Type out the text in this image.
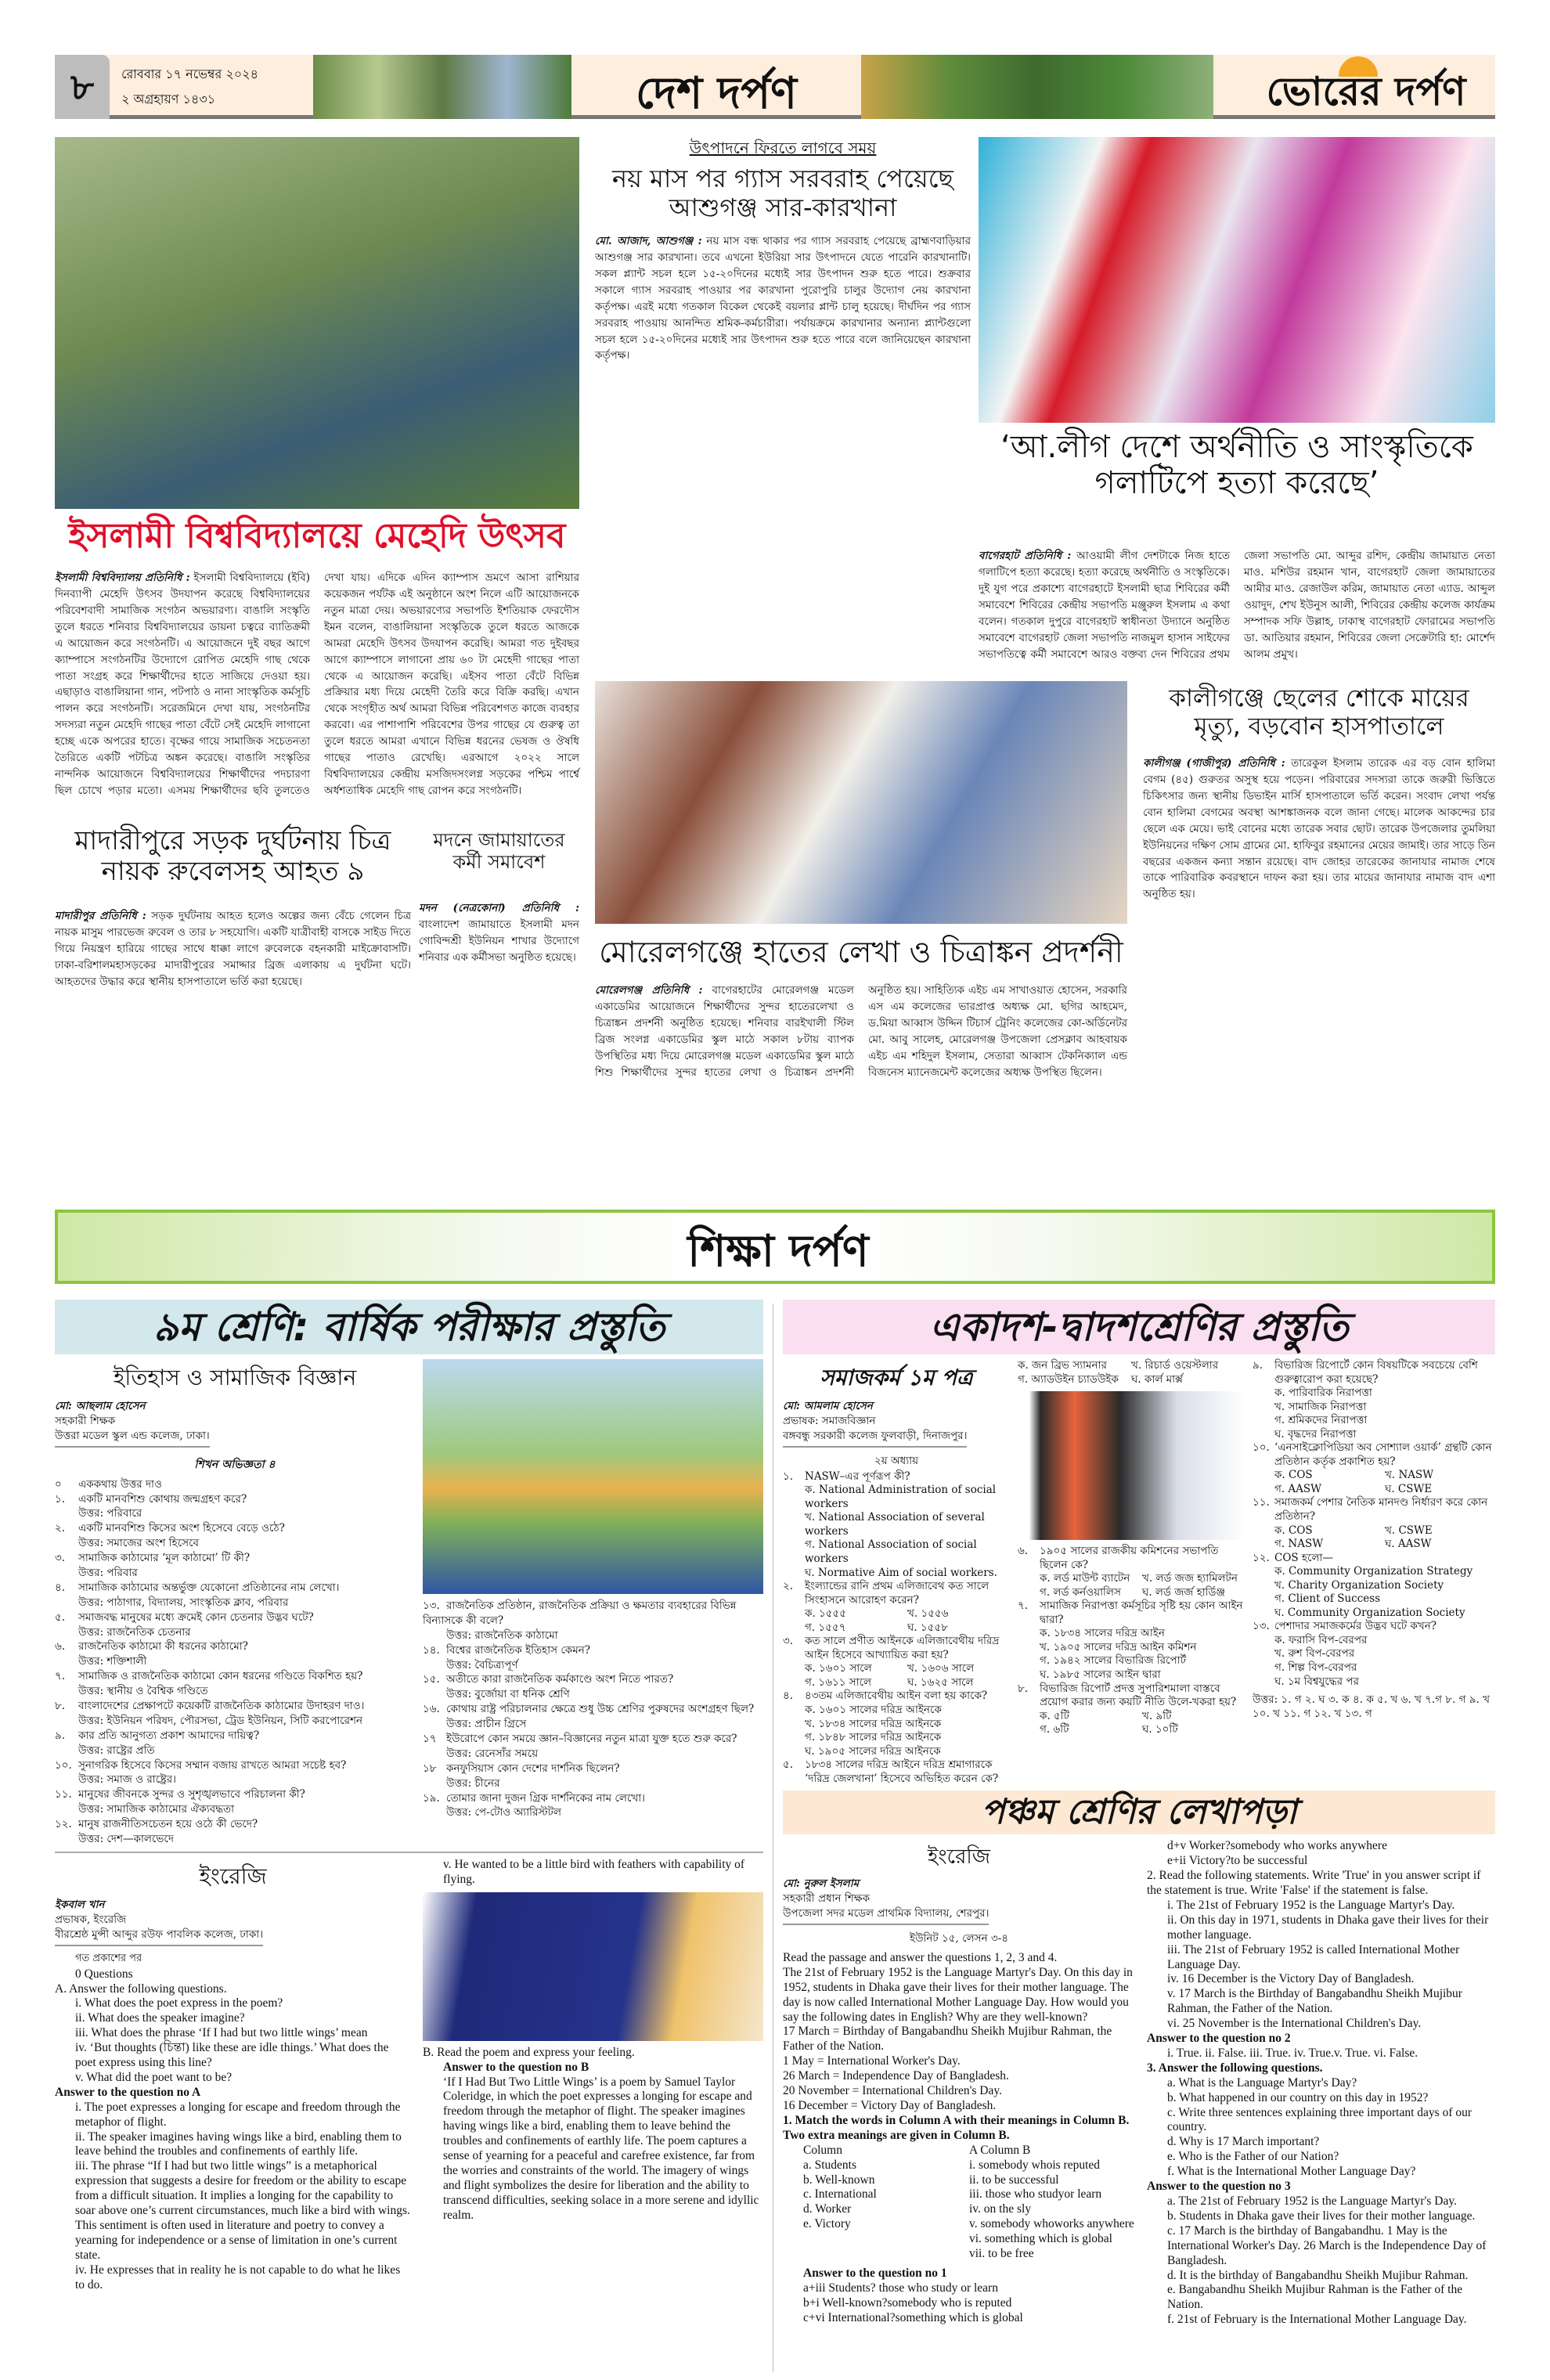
৮	রোববার ১৭ নভেম্বর ২০২৪
২ অগ্রহায়ণ ১৪৩১	দেশ দর্পণ	ভোরের দর্পণ
ইসলামী বিশ্ববিদ্যালয়ে মেহেদি উৎসব
ইসলামী বিশ্ববিদ্যালয় প্রতিনিধি : ইসলামী বিশ্ববিদ্যালয়ে (ইবি) দিনব্যাপী মেহেদি উৎসব উদযাপন করেছে বিশ্ববিদ্যালয়ের পরিবেশবাদী সামাজিক সংগঠন অভয়ারণ্য। বাঙালি সংস্কৃতি তুলে ধরতে শনিবার বিশ্ববিদ্যালয়ের ডায়না চত্বরে ব্যাতিক্রমী এ আয়োজন করে সংগঠনটি। এ আয়োজনে দুই বছর আগে ক্যাম্পাসে সংগঠনটির উদ্যোগে রোপিত মেহেদি গাছ থেকে পাতা সংগ্রহ করে শিক্ষার্থীদের হাতে সাজিয়ে দেওয়া হয়। এছাড়াও বাঙালিয়ানা গান, পটপাঠ ও নানা সাংস্কৃতিক কর্মসূচি পালন করে সংগঠনটি। সরেজমিনে দেখা যায়, সংগঠনটির সদস্যরা নতুন মেহেদি গাছের পাতা বেঁটে সেই মেহেদি লাগানো হচ্ছে একে অপরের হাতে। বৃক্ষের গায়ে সামাজিক সচেতনতা তৈরিতে একটি পটচিত্র অঙ্কন করেছে। বাঙালি সংস্কৃতির নান্দনিক আয়োজনে বিশ্ববিদ্যালয়ের শিক্ষার্থীদের পদচারণা ছিল চোখে পড়ার মতো। এসময় শিক্ষার্থীদের ছবি তুলতেও দেখা যায়। এদিকে এদিন ক্যাম্পাস ভ্রমণে আসা রাশিয়ার কয়েকজন পর্যটক এই অনুষ্ঠানে অংশ নিলে এটি আয়োজনকে নতুন মাত্রা দেয়। অভয়ারণ্যের সভাপতি ইশতিয়াক ফেরদৌস ইমন বলেন, বাঙালিয়ানা সংস্কৃতিকে তুলে ধরতে আজকে আমরা মেহেদি উৎসব উদযাপন করেছি। আমরা গত দুইবছর আগে ক্যাম্পাসে লাগানো প্রায় ৬০ টা মেহেদী গাছের পাতা থেকে এ আয়োজন করেছি। এইসব পাতা বেঁটে বিভিন্ন প্রক্রিয়ার মধ্য দিয়ে মেহেদী তৈরি করে বিক্রি করছি। এখান থেকে সংগৃহীত অর্থ আমরা বিভিন্ন পরিবেশগত কাজে ব্যবহার করবো। এর পাশাপাশি পরিবেশের উপর গাছের যে গুরুত্ব তা তুলে ধরতে আমরা এখানে বিভিন্ন ধরনের ভেষজ ও ঔষধি গাছের পাতাও রেখেছি। এরআগে ২০২২ সালে বিশ্ববিদ্যালয়ের কেন্দ্রীয় মসজিদসংলগ্ন সড়কের পশ্চিম পার্শ্বে অর্ধশতাধিক মেহেদি গাছ রোপন করে সংগঠনটি।
মাদারীপুরে সড়ক দুর্ঘটনায় চিত্র নায়ক রুবেলসহ আহত ৯
মাদারীপুর প্রতিনিধি : সড়ক দুর্ঘটনায় আহত হলেও অল্পের জন্য বেঁচে গেলেন চিত্র নায়ক মাসুম পারভেজ রুবেল ও তার ৮ সহযোগি। একটি যাত্রীবাহী বাসকে সাইড দিতে গিয়ে নিয়ন্ত্রণ হারিয়ে গাছের সাথে ধাক্কা লাগে রুবেলকে বহনকারী মাইক্রোবাসটি। ঢাকা-বরিশালমহাসড়কের মাদারীপুরের সমাদ্দার ব্রিজ এলাকায় এ দুর্ঘটনা ঘটে। আহতদের উদ্ধার করে স্থানীয় হাসপাতালে ভর্তি করা হয়েছে।
মদনে জামায়াতের কর্মী সমাবেশ
মদন (নেত্রকোনা) প্রতিনিধি : বাংলাদেশ জামায়াতে ইসলামী মদন গোবিন্দশ্রী ইউনিয়ন শাখার উদ্যোগে শনিবার এক কর্মীসভা অনুষ্ঠিত হয়েছে।
উৎপাদনে ফিরতে লাগবে সময়
নয় মাস পর গ্যাস সরবরাহ পেয়েছে আশুগঞ্জ সার-কারখানা
মো. আজাদ, আশুগঞ্জ : নয় মাস বন্ধ থাকার পর গ্যাস সরবরাহ পেয়েছে ব্রাহ্মণবাড়িয়ার আশুগঞ্জ সার কারখানা। তবে এখনো ইউরিয়া সার উৎপাদনে যেতে পারেনি কারখানাটি। সকল প্ল্যান্ট সচল হলে ১৫-২০দিনের মধ্যেই সার উৎপাদন শুরু হতে পারে। শুক্রবার সকালে গ্যাস সরবরাহ পাওয়ার পর কারখানা পুরোপুরি চালুর উদ্যোগ নেয় কারখানা কর্তৃপক্ষ। এরই মধ্যে গতকাল বিকেল থেকেই বয়লার প্লান্ট চালু হয়েছে। দীর্ঘদিন পর গ্যাস সরবরাহ পাওয়ায় আনন্দিত শ্রমিক-কর্মচারীরা। পর্যায়ক্রমে কারখানার অন্যান্য প্ল্যান্টগুলো সচল হলে ১৫-২০দিনের মধ্যেই সার উৎপাদন শুরু হতে পারে বলে জানিয়েছেন কারখানা কর্তৃপক্ষ।
‘আ.লীগ দেশে অর্থনীতি ও সাংস্কৃতিকে গলাটিপে হত্যা করেছে’
বাগেরহাট প্রতিনিধি : আওয়ামী লীগ দেশটাকে নিজ হাতে গলাটিপে হত্যা করেছে। হত্যা করেছে অর্থনীতি ও সংস্কৃতিকে। দুই যুগ পরে প্রকাশ্যে বাগেরহাটে ইসলামী ছাত্র শিবিরের কর্মী সমাবেশে শিবিরের কেন্দ্রীয় সভাপতি মঞ্জুরুল ইসলাম এ কথা বলেন। গতকাল দুপুরে বাগেরহাট স্বাধীনতা উদ্যানে অনুষ্ঠিত সমাবেশে বাগেরহাট জেলা সভাপতি নাজমুল হাসান সাইফের সভাপতিত্বে কর্মী সমাবেশে আরও বক্তব্য দেন শিবিরের প্রথম জেলা সভাপতি মো. আব্দুর রশিদ, কেন্দ্রীয় জামায়াত নেতা মাও. মশিউর রহমান খান, বাগেরহাট জেলা জামায়াতের আমীর মাও. রেজাউল করিম, জামায়াত নেতা এ্যাড. আব্দুল ওয়াদুদ, শেখ ইউনুস আলী, শিবিরের কেন্দ্রীয় কলেজ কার্যক্রম সম্পাদক সফি উল্লাহ, ঢাকাস্থ বাগেরহাট ফোরামের সভাপতি ডা. আতিয়ার রহমান, শিবিরের জেলা সেক্রেটারি হা: মোর্শেদ আলম প্রমুখ।
কালীগঞ্জে ছেলের শোকে মায়ের মৃত্যু, বড়বোন হাসপাতালে
কালীগঞ্জ (গাজীপুর) প্রতিনিধি : তারেকুল ইসলাম তারেক এর বড় বোন হালিমা বেগম (৪৫) গুরুতর অসুস্থ হয়ে পড়েন। পরিবারের সদস্যরা তাকে জরুরী ভিত্তিতে চিকিৎসার জন্য স্থানীয় ডিভাইন মার্সি হাসপাতালে ভর্তি করেন। সংবাদ লেখা পর্যন্ত বোন হালিমা বেগমের অবস্থা আশঙ্কাজনক বলে জানা গেছে। মালেক আকন্দের চার ছেলে এক মেয়ে। ভাই বোনের মধ্যে তারেক সবার ছোট। তারেক উপজেলার তুমলিয়া ইউনিয়নের দক্ষিণ সোম গ্রামের মো. হাফিবুর রহমানের মেয়ের জামাই। তার সাড়ে তিন বছরের একজন কন্যা সন্তান রয়েছে। বাদ জোহর তারেকের জানাযার নামাজ শেষে তাকে পারিবারিক কবরস্থানে দাফন করা হয়। তার মায়ের জানাযার নামাজ বাদ এশা অনুষ্ঠিত হয়।
মোরেলগঞ্জে হাতের লেখা ও চিত্রাঙ্কন প্রদর্শনী
মোরেলগঞ্জ প্রতিনিধি : বাগেরহাটের মোরেলগঞ্জ মডেল একাডেমির আয়োজনে শিক্ষার্থীদের সুন্দর হাতেরলেখা ও চিত্রাঙ্কন প্রদর্শনী অনুষ্ঠিত হয়েছে। শনিবার বারইখালী স্টিল ব্রিজ সংলগ্ন একাডেমির স্কুল মাঠে সকাল ৮টায় ব্যাপক উপস্থিতির মধ্য দিয়ে মোরেলগঞ্জ মডেল একাডেমির স্কুল মাঠে শিশু শিক্ষার্থীদের সুন্দর হাতের লেখা ও চিত্রাঙ্কন প্রদর্শনী অনুষ্ঠিত হয়। সাহিত্যিক এইচ এম সাখাওয়াত হোসেন, সরকারি এস এম কলেজের ভারপ্রাপ্ত অধ্যক্ষ মো. ছগির আহমেদ, ড.মিয়া আব্বাস উদ্দিন টিচার্স ট্রেনিং কলেজের কো-অর্ডিনেটর মো. আবু সালেহ, মোরেলগঞ্জ উপজেলা প্রেসক্লাব আহবায়ক এইচ এম শহিদুল ইসলাম, সেতারা আব্বাস টেকনিক্যাল এন্ড বিজনেস ম্যানেজমেন্ট কলেজের অধ্যক্ষ উপস্থিত ছিলেন।
শিক্ষা দর্পণ
৯ম শ্রেণি: বার্ষিক পরীক্ষার প্রস্তুতি
ইতিহাস ও সামাজিক বিজ্ঞান
মো: আছলাম হোসেন
সহকারী শিক্ষক
উত্তরা মডেল স্কুল এন্ড কলেজ, ঢাকা।
শিখন অভিজ্ঞতা ৪
০ এককথায় উত্তর দাও
১. একটি মানবশিশু কোথায় জন্মগ্রহণ করে?
উত্তর: পরিবারে
২. একটি মানবশিশু কিসের অংশ হিসেবে বেড়ে ওঠে?
উত্তর: সমাজের অংশ হিসেবে
৩. সামাজিক কাঠামোর ‘মূল কাঠামো’ টি কী?
উত্তর: পরিবার
৪. সামাজিক কাঠামোর অন্তর্ভুক্ত যেকোনো প্রতিষ্ঠানের নাম লেখো।
উত্তর: পাঠাগার, বিদ্যালয়, সাংস্কৃতিক ক্লাব, পরিবার
৫. সমাজবদ্ধ মানুষের মধ্যে ক্রমেই কোন চেতনার উদ্ভব ঘটে?
উত্তর: রাজনৈতিক চেতনার
৬. রাজনৈতিক কাঠামো কী ধরনের কাঠামো?
উত্তর: শক্তিশালী
৭. সামাজিক ও রাজনৈতিক কাঠামো কোন ধরনের গণ্ডিতে বিকশিত হয়?
উত্তর: স্থানীয় ও বৈশ্বিক গণ্ডিতে
৮. বাংলাদেশের প্রেক্ষাপটে কয়েকটি রাজনৈতিক কাঠামোর উদাহরণ দাও।
উত্তর: ইউনিয়ন পরিষদ, পৌরসভা, ট্রেড ইউনিয়ন, সিটি করপোরেশন
৯. কার প্রতি আনুগত্য প্রকাশ আমাদের দায়িত্ব?
উত্তর: রাষ্ট্রের প্রতি
১০. সুনাগরিক হিসেবে কিসের সম্মান বজায় রাখতে আমরা সচেষ্ট হব?
উত্তর: সমাজ ও রাষ্ট্রের।
১১. মানুষের জীবনকে সুন্দর ও সুশৃঙ্খলভাবে পরিচালনা কী?
উত্তর: সামাজিক কাঠামোর ঐক্যবদ্ধতা
১২. মানুষ রাজনীতিসচেতন হয়ে ওঠে কী ভেদে?
উত্তর: দেশ—কালভেদে
১৩. রাজনৈতিক প্রতিষ্ঠান, রাজনৈতিক প্রক্রিয়া ও ক্ষমতার ব্যবহারের বিভিন্ন বিন্যাসকে কী বলে?
উত্তর: রাজনৈতিক কাঠামো
১৪. বিশ্বের রাজনৈতিক ইতিহাস কেমন?
উত্তর: বৈচিত্র্যপূর্ণ
১৫. অতীতে কারা রাজনৈতিক কর্মকাণ্ডে অংশ নিতে পারত?
উত্তর: বুর্জোয়া বা ধনিক শ্রেণি
১৬. কোথায় রাষ্ট্র পরিচালনার ক্ষেত্রে শুধু উচ্চ শ্রেণির পুরুষদের অংশগ্রহণ ছিল?
উত্তর: প্রাচীন গ্রিসে
১৭ ইউরোপে কোন সময়ে জ্ঞান–বিজ্ঞানের নতুন মাত্রা যুক্ত হতে শুরু করে?
উত্তর: রেনেসাঁর সময়ে
১৮ কনফুসিয়াস কোন দেশের দার্শনিক ছিলেন?
উত্তর: চীনের
১৯. তোমার জানা দুজন গ্রিক দার্শনিকের নাম লেখো।
উত্তর: পে-টোও অ্যারিস্টটল
ইংরেজি
ইকবাল খান
প্রভাষক, ইংরেজি
বীরশ্রেষ্ঠ মুন্সী আব্দুর রউফ পাবলিক কলেজ, ঢাকা।
গত প্রকাশের পর
0 Questions
A. Answer the following questions.
i. What does the poet express in the poem?
ii. What does the speaker imagine?
iii. What does the phrase ‘If I had but two little wings’ mean
iv. ‘But thoughts (চিন্তা) like these are idle things.’ What does the poet express using this line?
v. What did the poet want to be?
Answer to the question no A
i. The poet expresses a longing for escape and freedom through the metaphor of flight.
ii. The speaker imagines having wings like a bird, enabling them to leave behind the troubles and confinements of earthly life.
iii. The phrase “If I had but two little wings” is a metaphorical expression that suggests a desire for freedom or the ability to escape from a difficult situation. It implies a longing for the capability to soar above one’s current circumstances, much like a bird with wings. This sentiment is often used in literature and poetry to convey a yearning for independence or a sense of limitation in one’s current state.
iv. He expresses that in reality he is not capable to do what he likes to do.
v. He wanted to be a little bird with feathers with capability of flying.
B. Read the poem and express your feeling.
Answer to the question no B
‘If I Had But Two Little Wings’ is a poem by Samuel Taylor Coleridge, in which the poet expresses a longing for escape and freedom through the metaphor of flight. The speaker imagines having wings like a bird, enabling them to leave behind the troubles and confinements of earthly life. The poem captures a sense of yearning for a peaceful and carefree existence, far from the worries and constraints of the world. The imagery of wings and flight symbolizes the desire for liberation and the ability to transcend difficulties, seeking solace in a more serene and idyllic realm.
একাদশ-দ্বাদশশ্রেণির প্রস্তুতি
সমাজকর্ম ১ম পত্র
মো: আমলাম হোসেন
প্রভাষক: সমাজবিজ্ঞান
বঙ্গবন্ধু সরকারী কলেজ ফুলবাড়ী, দিনাজপুর।
২য় অধ্যায়
১.	NASW–এর পূর্ণরূপ কী?
ক. National Administration of social workers
খ. National Association of several workers
গ. National Association of social workers
ঘ. Normative Aim of social workers.
২.	ইংল্যান্ডের রানি প্রথম এলিজাবেথ কত সালে সিংহাসনে আরোহণ করেন?
ক. ১৫৫৫	খ. ১৫৫৬
গ. ১৫৫৭	ঘ. ১৫৫৮
৩.	কত সালে প্রণীত আইনকে এলিজাবেথীয় দরিদ্র আইন হিসেবে আখ্যায়িত করা হয়?
ক. ১৬০১ সালে	খ. ১৬০৬ সালে
গ. ১৬১১ সালে	ঘ. ১৬২৫ সালে
৪.	৪৩তম এলিজাবেথীয় আইন বলা হয় কাকে?
ক. ১৬০১ সালের দরিদ্র আইনকে
খ. ১৮৩৪ সালের দরিদ্র আইনকে
গ. ১৮৪৮ সালের দরিদ্র আইনকে
ঘ. ১৯০৫ সালের দরিদ্র আইনকে
৫.	১৮৩৪ সালের দরিদ্র আইনে দরিদ্র শ্রমাগারকে ‘দরিদ্র জেলখানা’ হিসেবে অভিহিত করেন কে?
ক. জন ব্রিভ স্যামনার	খ. রিচার্ড ওয়েস্টলার
গ. অ্যাডউইন চ্যাডউইক	ঘ. কার্ল মার্ক্স
৬.	১৯০৫ সালের রাজকীয় কমিশনের সভাপতি ছিলেন কে?
ক. লর্ড মাউন্ট ব্যাটেন	খ. লর্ড জজ হ্যামিলটন
গ. লর্ড কর্নওয়ালিস	ঘ. লর্ড জর্জ হার্ডিঞ্জ
৭.	সামাজিক নিরাপত্তা কর্মসূচির সৃষ্টি হয় কোন আইন দ্বারা?
ক. ১৮৩৪ সালের দরিদ্র আইন
খ. ১৯০৫ সালের দরিদ্র আইন কমিশন
গ. ১৯৪২ সালের বিভারিজ রিপোর্ট
ঘ. ১৯৮৫ সালের আইন দ্বারা
৮.	বিভারিজ রিপোর্ট প্রদত্ত সুপারিশমালা বাস্তবে প্রয়োগ করার জন্য কয়টি নীতি উলে-খকরা হয়?
ক. ৫টি	খ. ৯টি
গ. ৬টি	ঘ. ১০টি
৯.	বিভারিজ রিপোর্টে কোন বিষয়টিকে সবচেয়ে বেশি গুরুত্বারোপ করা হয়েছে?
ক. পারিবারিক নিরাপত্তা
খ. সামাজিক নিরাপত্তা
গ. শ্রমিকদের নিরাপত্তা
ঘ. বৃদ্ধদের নিরাপত্তা
১০. ‘এনসাইক্লোপিডিয়া অব সোশ্যাল ওয়ার্ক’ গ্রন্থটি কোন প্রতিষ্ঠান কর্তৃক প্রকাশিত হয়?
ক. COS	খ. NASW
গ. AASW	ঘ. CSWE
১১. সমাজকর্ম পেশার নৈতিক মানদণ্ড নির্ধারণ করে কোন প্রতিষ্ঠান?
ক. COS	খ. CSWE
গ. NASW	ঘ. AASW
১২. COS হলো—
ক. Community Organization Strategy
খ. Charity Organization Society
গ. Client of Success
ঘ. Community Organization Society
১৩. পেশাদার সমাজকর্মের উদ্ভব ঘটে কখন?
ক. ফরাসি বিপ-বেরপর
খ. রুশ বিপ-বেরপর
গ. শিল্প বিপ-বেরপর
ঘ. ১ম বিশ্বযুদ্ধের পর
উত্তর: ১. গ ২. ঘ ৩. ক ৪. ক ৫. খ ৬. খ ৭.গ ৮. গ ৯. খ ১০. খ ১১. গ ১২. খ ১৩. গ
পঞ্চম শ্রেণির লেখাপড়া
ইংরেজি
মো: নুরুল ইসলাম
সহকারী প্রধান শিক্ষক
উপজেলা সদর মডেল প্রাথমিক বিদ্যালয়, শেরপুর।
ইউনিট ১৫, লেসন ৩-৪
Read the passage and answer the questions 1, 2, 3 and 4.
The 21st of February 1952 is the Language Martyr's Day. On this day in 1952, students in Dhaka gave their lives for their mother language. The day is now called International Mother Language Day. How would you say the following dates in English? Why are they well-known?
17 March = Birthday of Bangabandhu Sheikh Mujibur Rahman, the Father of the Nation.
1 May = International Worker's Day.
26 March = Independence Day of Bangladesh.
20 November = International Children's Day.
16 December = Victory Day of Bangladesh.
1. Match the words in Column A with their meanings in Column B. Two extra meanings are given in Column B.
Column	A Column B
a. Students	i. somebody whois reputed
b. Well-known	ii. to be successful
c. International	iii. those who studyor learn
d. Worker	iv. on the sly
e. Victory	v. somebody whoworks anywhere
vi. something which is global
vii. to be free
Answer to the question no 1
a+iii Students? those who study or learn
b+i Well-known?somebody who is reputed
c+vi International?something which is global
d+v Worker?somebody who works anywhere
e+ii Victory?to be successful
2. Read the following statements. Write 'True' in you answer script if the statement is true. Write 'False' if the statement is false.
i. The 21st of February 1952 is the Language Martyr's Day.
ii. On this day in 1971, students in Dhaka gave their lives for their mother language.
iii. The 21st of February 1952 is called International Mother Language Day.
iv. 16 December is the Victory Day of Bangladesh.
v. 17 March is the Birthday of Bangabandhu Sheikh Mujibur Rahman, the Father of the Nation.
vi. 25 November is the International Children's Day.
Answer to the question no 2
i. True. ii. False. iii. True. iv. True.v. True. vi. False.
3. Answer the following questions.
a. What is the Language Martyr's Day?
b. What happened in our country on this day in 1952?
c. Write three sentences explaining three important days of our country.
d. Why is 17 March important?
e. Who is the Father of our Nation?
f. What is the International Mother Language Day?
Answer to the question no 3
a. The 21st of February 1952 is the Language Martyr's Day.
b. Students in Dhaka gave their lives for their mother language.
c. 17 March is the birthday of Bangabandhu. 1 May is the International Worker's Day. 26 March is the Independence Day of Bangladesh.
d. It is the birthday of Bangabandhu Sheikh Mujibur Rahman.
e. Bangabandhu Sheikh Mujibur Rahman is the Father of the Nation.
f. 21st of February is the International Mother Language Day.
